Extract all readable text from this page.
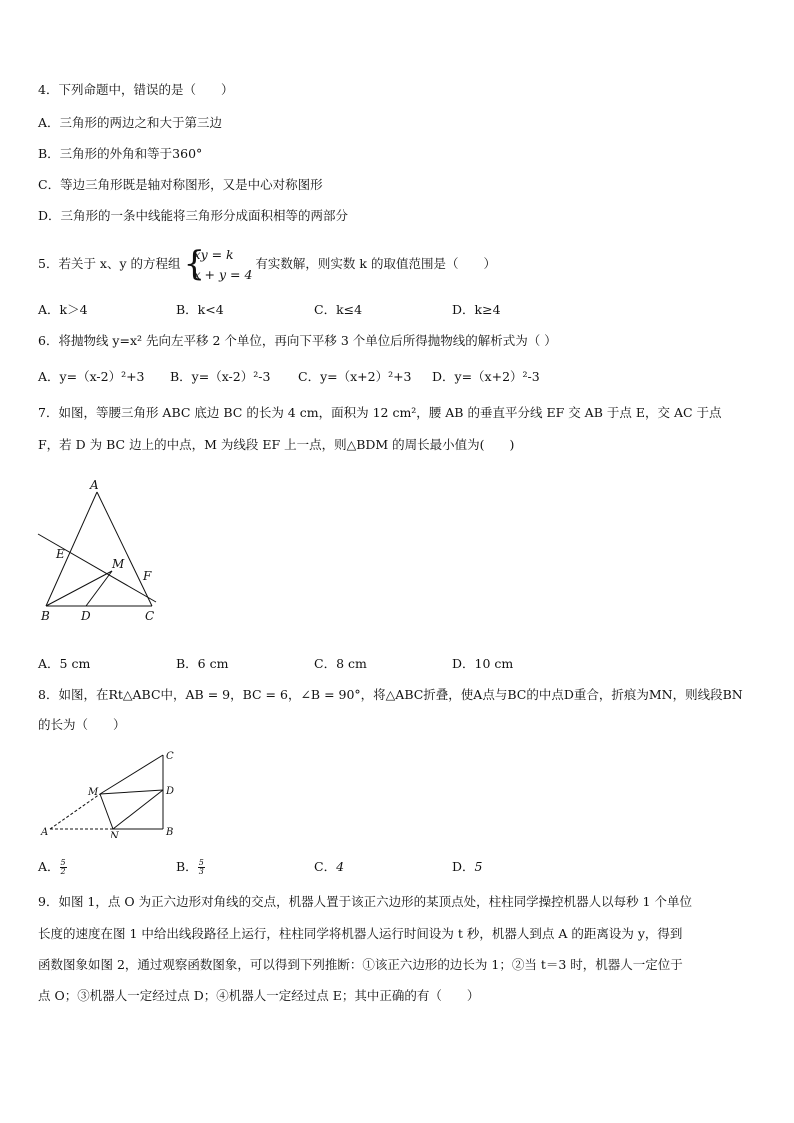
4．下列命题中，错误的是（　　）
A．三角形的两边之和大于第三边
B．三角形的外角和等于360°
C．等边三角形既是轴对称图形，又是中心对称图形
D．三角形的一条中线能将三角形分成面积相等的两部分
5．若关于 x、y 的方程组 {
xy = k
x + y = 4
有实数解，则实数 k 的取值范围是（　　）
A．k＞4	B．k<4	C．k≤4	D．k≥4
6．将抛物线 y=x² 先向左平移 2 个单位，再向下平移 3 个单位后所得抛物线的解析式为（ ）
A．y=（x-2）²+3 B．y=（x-2）²-3 C．y=（x+2）²+3 D．y=（x+2）²-3
7．如图，等腰三角形 ABC 底边 BC 的长为 4 cm，面积为 12 cm²，腰 AB 的垂直平分线 EF 交 AB 于点 E，交 AC 于点
F，若 D 为 BC 边上的中点，M 为线段 EF 上一点，则△BDM 的周长最小值为(　　)
A
E
M
F
B	D	C
A．5 cm	B．6 cm	C．8 cm	D．10 cm
8．如图，在Rt△ABC中，AB = 9，BC = 6，∠B = 90°，将△ABC折叠，使A点与BC的中点D重合，折痕为MN，则线段BN
的长为（　　）
C
M	D
A	N	B
A． $\frac{5}{2}$	B． $\frac{5}{3}$	C．4	D．5
9．如图 1，点 O 为正六边形对角线的交点，机器人置于该正六边形的某顶点处，柱柱同学操控机器人以每秒 1 个单位
长度的速度在图 1 中给出线段路径上运行，柱柱同学将机器人运行时间设为 t 秒，机器人到点 A 的距离设为 y，得到
函数图象如图 2，通过观察函数图象，可以得到下列推断：①该正六边形的边长为 1；②当 t＝3 时，机器人一定位于
点 O；③机器人一定经过点 D；④机器人一定经过点 E；其中正确的有（　　）
